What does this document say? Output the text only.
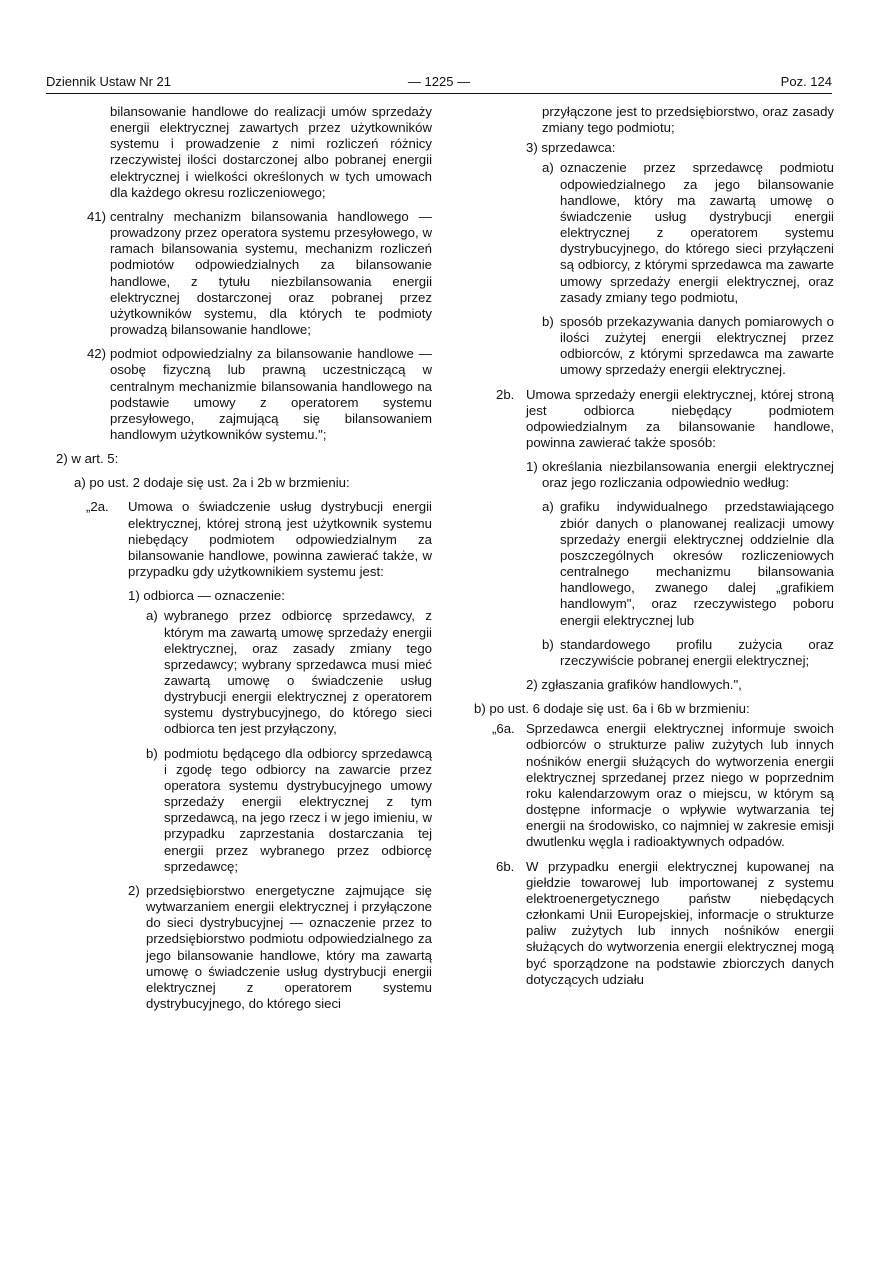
Dziennik Ustaw Nr 21	— 1225 —	Poz. 124
bilansowanie handlowe do realizacji umów sprzedaży energii elektrycznej zawartych przez użytkowników systemu i prowadzenie z nimi rozliczeń różnicy rzeczywistej ilości dostarczonej albo pobranej energii elektrycznej i wielkości określonych w tych umowach dla każdego okresu rozliczeniowego;
41) centralny mechanizm bilansowania handlowego — prowadzony przez operatora systemu przesyłowego, w ramach bilansowania systemu, mechanizm rozliczeń podmiotów odpowiedzialnych za bilansowanie handlowe, z tytułu niezbilansowania energii elektrycznej dostarczonej oraz pobranej przez użytkowników systemu, dla których te podmioty prowadzą bilansowanie handlowe;
42) podmiot odpowiedzialny za bilansowanie handlowe — osobę fizyczną lub prawną uczestniczącą w centralnym mechanizmie bilansowania handlowego na podstawie umowy z operatorem systemu przesyłowego, zajmującą się bilansowaniem handlowym użytkowników systemu.";
2) w art. 5:
a) po ust. 2 dodaje się ust. 2a i 2b w brzmieniu:
„2a.	Umowa o świadczenie usług dystrybucji energii elektrycznej, której stroną jest użytkownik systemu niebędący podmiotem odpowiedzialnym za bilansowanie handlowe, powinna zawierać także, w przypadku gdy użytkownikiem systemu jest:
1) odbiorca — oznaczenie:
a) wybranego przez odbiorcę sprzedawcy, z którym ma zawartą umowę sprzedaży energii elektrycznej, oraz zasady zmiany tego sprzedawcy; wybrany sprzedawca musi mieć zawartą umowę o świadczenie usług dystrybucji energii elektrycznej z operatorem systemu dystrybucyjnego, do którego sieci odbiorca ten jest przyłączony,
b) podmiotu będącego dla odbiorcy sprzedawcą i zgodę tego odbiorcy na zawarcie przez operatora systemu dystrybucyjnego umowy sprzedaży energii elektrycznej z tym sprzedawcą, na jego rzecz i w jego imieniu, w przypadku zaprzestania dostarczania tej energii przez wybranego przez odbiorcę sprzedawcę;
2) przedsiębiorstwo energetyczne zajmujące się wytwarzaniem energii elektrycznej i przyłączone do sieci dystrybucyjnej — oznaczenie przez to przedsiębiorstwo podmiotu odpowiedzialnego za jego bilansowanie handlowe, który ma zawartą umowę o świadczenie usług dystrybucji energii elektrycznej z operatorem systemu dystrybucyjnego, do którego sieci
przyłączone jest to przedsiębiorstwo, oraz zasady zmiany tego podmiotu;
3) sprzedawca:
a) oznaczenie przez sprzedawcę podmiotu odpowiedzialnego za jego bilansowanie handlowe, który ma zawartą umowę o świadczenie usług dystrybucji energii elektrycznej z operatorem systemu dystrybucyjnego, do którego sieci przyłączeni są odbiorcy, z którymi sprzedawca ma zawarte umowy sprzedaży energii elektrycznej, oraz zasady zmiany tego podmiotu,
b) sposób przekazywania danych pomiarowych o ilości zużytej energii elektrycznej przez odbiorców, z którymi sprzedawca ma zawarte umowy sprzedaży energii elektrycznej.
2b. Umowa sprzedaży energii elektrycznej, której stroną jest odbiorca niebędący podmiotem odpowiedzialnym za bilansowanie handlowe, powinna zawierać także sposób:
1) określania niezbilansowania energii elektrycznej oraz jego rozliczania odpowiednio według:
a) grafiku indywidualnego przedstawiającego zbiór danych o planowanej realizacji umowy sprzedaży energii elektrycznej oddzielnie dla poszczególnych okresów rozliczeniowych centralnego mechanizmu bilansowania handlowego, zwanego dalej „grafikiem handlowym", oraz rzeczywistego poboru energii elektrycznej lub
b) standardowego profilu zużycia oraz rzeczywiście pobranej energii elektrycznej;
2) zgłaszania grafików handlowych.",
b) po ust. 6 dodaje się ust. 6a i 6b w brzmieniu:
„6a. Sprzedawca energii elektrycznej informuje swoich odbiorców o strukturze paliw zużytych lub innych nośników energii służących do wytworzenia energii elektrycznej sprzedanej przez niego w poprzednim roku kalendarzowym oraz o miejscu, w którym są dostępne informacje o wpływie wytwarzania tej energii na środowisko, co najmniej w zakresie emisji dwutlenku węgla i radioaktywnych odpadów.
6b. W przypadku energii elektrycznej kupowanej na giełdzie towarowej lub importowanej z systemu elektroenergetycznego państw niebędących członkami Unii Europejskiej, informacje o strukturze paliw zużytych lub innych nośników energii służących do wytworzenia energii elektrycznej mogą być sporządzone na podstawie zbiorczych danych dotyczących udziału
